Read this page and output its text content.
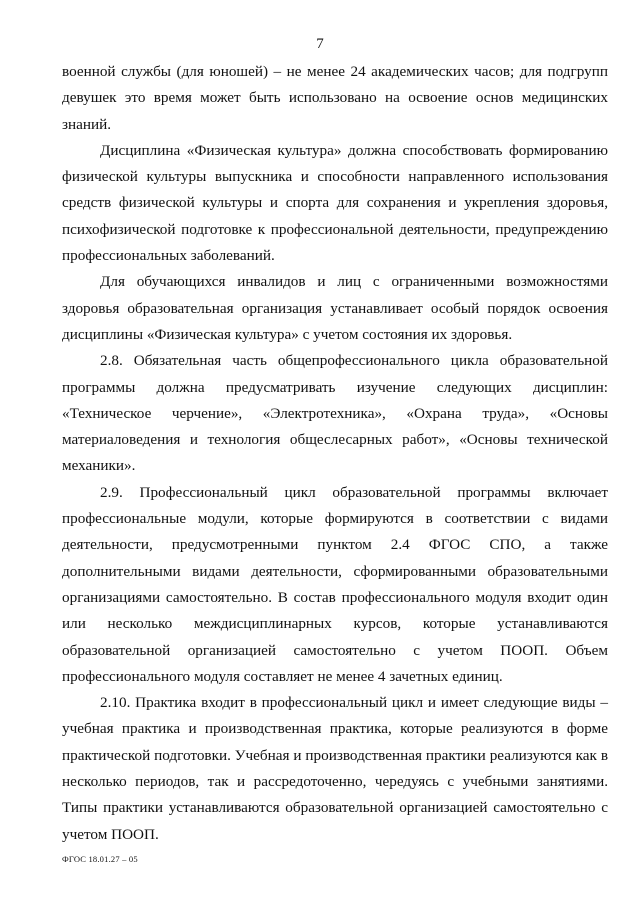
7

военной службы (для юношей) – не менее 24 академических часов; для подгрупп девушек это время может быть использовано на освоение основ медицинских знаний.

Дисциплина «Физическая культура» должна способствовать формированию физической культуры выпускника и способности направленного использования средств физической культуры и спорта для сохранения и укрепления здоровья, психофизической подготовке к профессиональной деятельности, предупреждению профессиональных заболеваний.

Для обучающихся инвалидов и лиц с ограниченными возможностями здоровья образовательная организация устанавливает особый порядок освоения дисциплины «Физическая культура» с учетом состояния их здоровья.

2.8. Обязательная часть общепрофессионального цикла образовательной программы должна предусматривать изучение следующих дисциплин: «Техническое черчение», «Электротехника», «Охрана труда», «Основы материаловедения и технология общеслесарных работ», «Основы технической механики».

2.9. Профессиональный цикл образовательной программы включает профессиональные модули, которые формируются в соответствии с видами деятельности, предусмотренными пунктом 2.4 ФГОС СПО, а также дополнительными видами деятельности, сформированными образовательными организациями самостоятельно. В состав профессионального модуля входит один или несколько междисциплинарных курсов, которые устанавливаются образовательной организацией самостоятельно с учетом ПООП. Объем профессионального модуля составляет не менее 4 зачетных единиц.

2.10. Практика входит в профессиональный цикл и имеет следующие виды – учебная практика и производственная практика, которые реализуются в форме практической подготовки. Учебная и производственная практики реализуются как в несколько периодов, так и рассредоточенно, чередуясь с учебными занятиями. Типы практики устанавливаются образовательной организацией самостоятельно с учетом ПООП.

ФГОС 18.01.27 – 05
